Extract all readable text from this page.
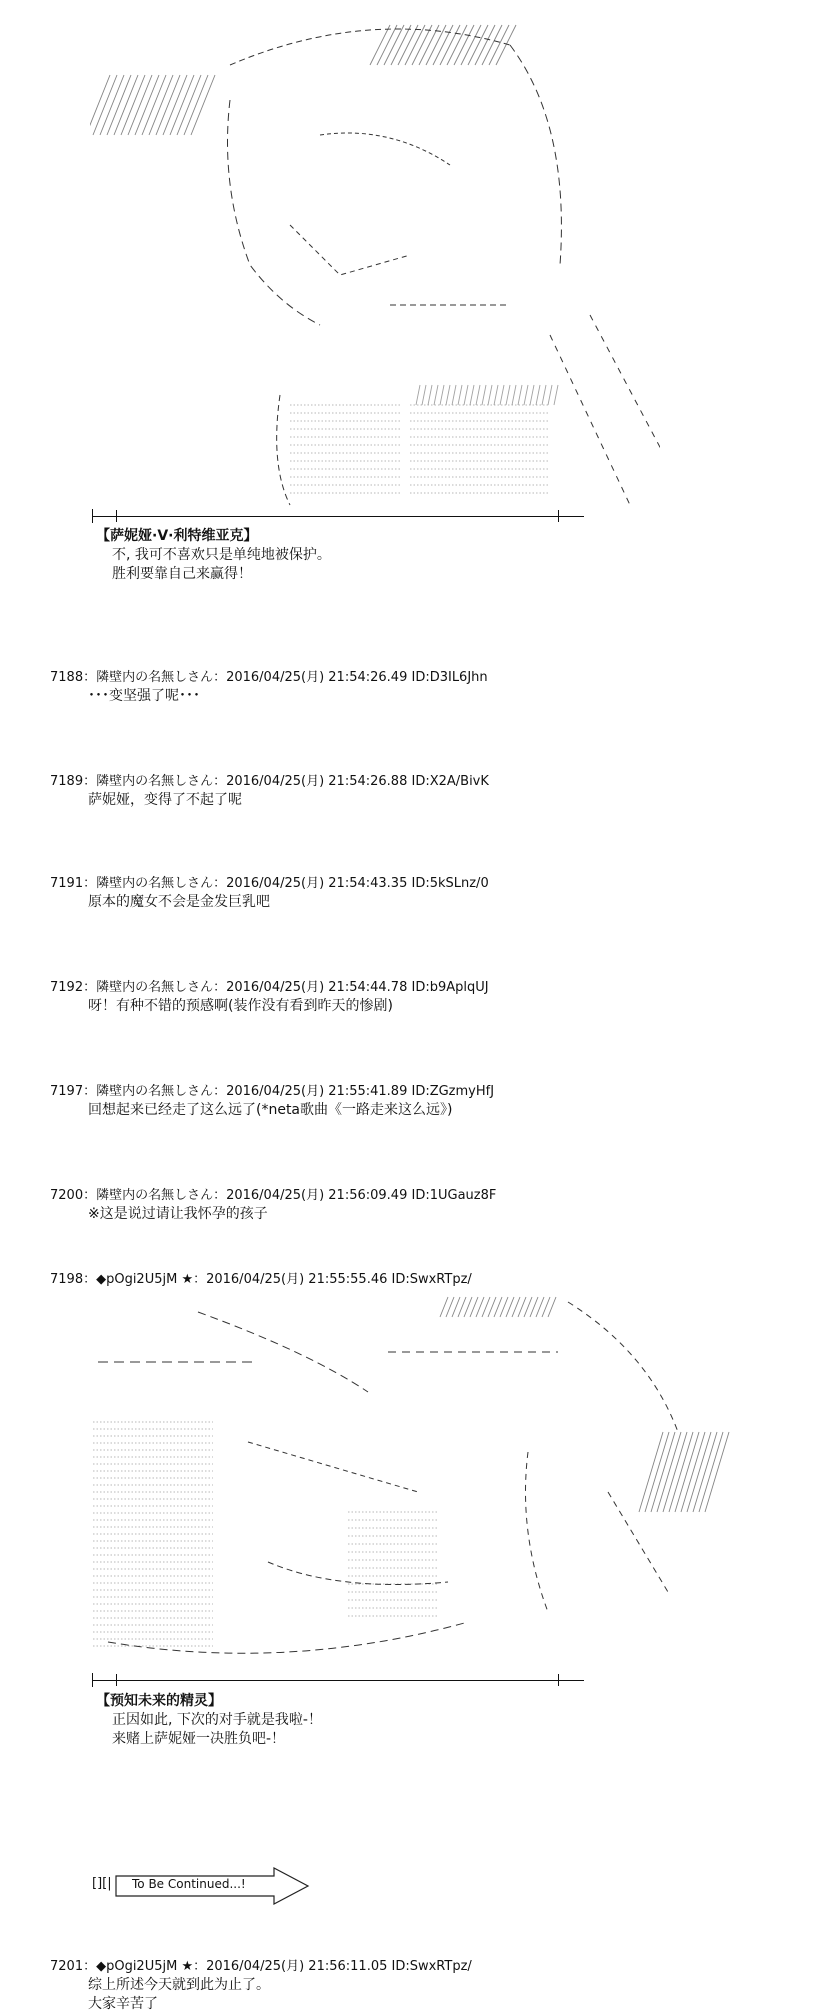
【萨妮娅·V·利特维亚克】
不, 我可不喜欢只是单纯地被保护。
胜利要靠自己来赢得！
7188：隣壁内の名無しさん：2016/04/25(月) 21:54:26.49 ID:D3IL6Jhn
･･･变坚强了呢･･･
7189：隣壁内の名無しさん：2016/04/25(月) 21:54:26.88 ID:X2A/BivK
萨妮娅，变得了不起了呢
7191：隣壁内の名無しさん：2016/04/25(月) 21:54:43.35 ID:5kSLnz/0
原本的魔女不会是金发巨乳吧
7192：隣壁内の名無しさん：2016/04/25(月) 21:54:44.78 ID:b9AplqUJ
呀！有种不错的预感啊(装作没有看到昨天的惨剧)
7197：隣壁内の名無しさん：2016/04/25(月) 21:55:41.89 ID:ZGzmyHfJ
回想起来已经走了这么远了(*neta歌曲《一路走来这么远》)
7200：隣壁内の名無しさん：2016/04/25(月) 21:56:09.49 ID:1UGauz8F
※这是说过请让我怀孕的孩子
7198：◆pOgi2U5jM ★：2016/04/25(月) 21:55:55.46 ID:SwxRTpz/
【预知未来的精灵】
正因如此, 下次的对手就是我啦-！
来赌上萨妮娅一决胜负吧-！
[][| To Be Continued...!
7201：◆pOgi2U5jM ★：2016/04/25(月) 21:56:11.05 ID:SwxRTpz/
综上所述今天就到此为止了。
大家辛苦了
